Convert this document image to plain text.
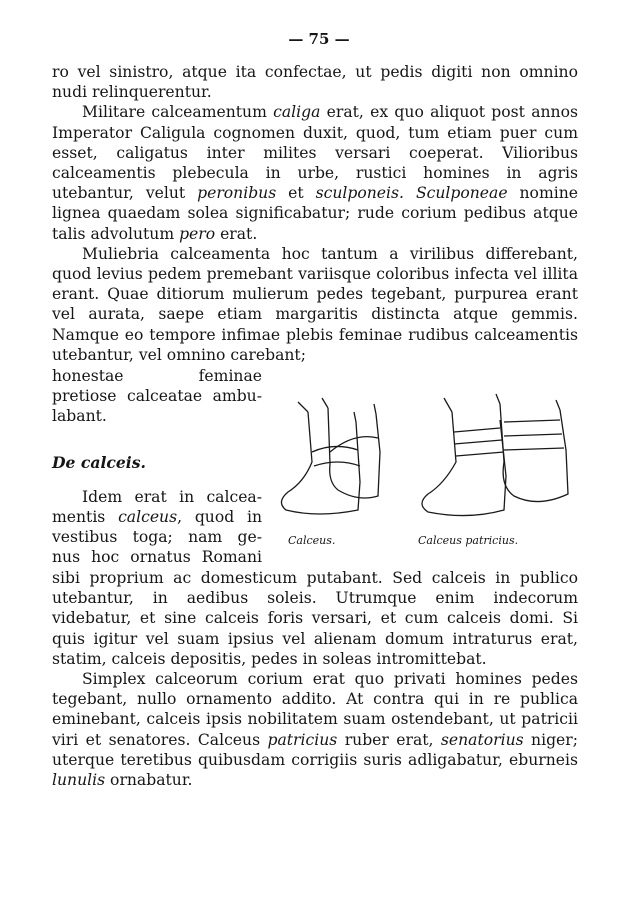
— 75 —

ro vel sinistro, atque ita confectae, ut pedis digiti non omnino nudi relinquerentur.

Militare calceamentum caliga erat, ex quo aliquot post annos Imperator Caligula cognomen duxit, quod, tum etiam puer cum esset, caligatus inter milites versari coeperat. Vilioribus calceamentis plebecula in urbe, rustici homines in agris utebantur, velut peronibus et sculponeis. Sculponeae nomine lignea quaedam solea significabatur; rude corium pedibus atque talis advolutum pero erat.

Muliebria calceamenta hoc tantum a virilibus differebant, quod levius pedem premebant variisque coloribus infecta vel illita erant. Quae ditiorum mulierum pedes tegebant, purpurea erant vel aurata, saepe etiam margaritis distincta atque gemmis. Namque eo tempore infimae plebis feminae rudibus calceamentis utebantur, vel omnino carebant;

honestae feminae

pretiose calceatae ambu-

labant.

De calceis.

Idem erat in calcea-

mentis calceus, quod in

vestibus toga; nam ge-

nus hoc ornatus Romani

Calceus.	Calceus patricius.

sibi proprium ac domesticum putabant. Sed calceis in publico utebantur, in aedibus soleis. Utrumque enim indecorum videbatur, et sine calceis foris versari, et cum calceis domi. Si quis igitur vel suam ipsius vel alienam domum intraturus erat, statim, calceis depositis, pedes in soleas intromittebat.

Simplex calceorum corium erat quo privati homines pedes tegebant, nullo ornamento addito. At contra qui in re publica eminebant, calceis ipsis nobilitatem suam ostendebant, ut patricii viri et senatores. Calceus patricius ruber erat, senatorius niger; uterque teretibus quibusdam corrigiis suris adligabatur, eburneis lunulis ornabatur.
